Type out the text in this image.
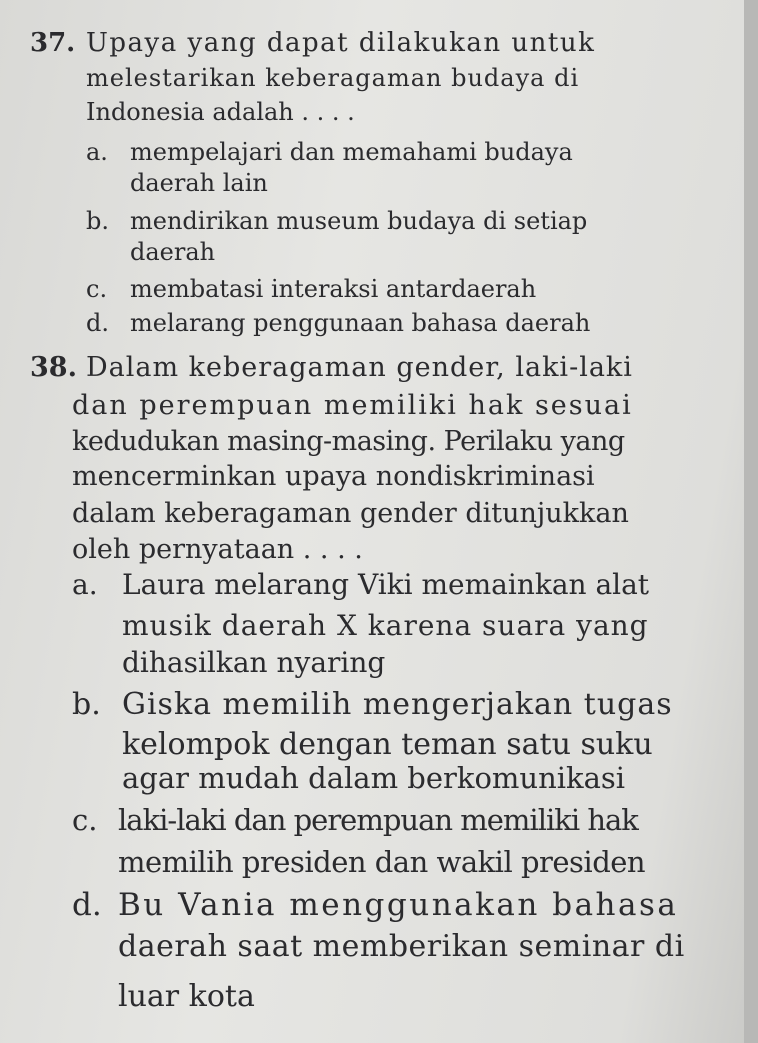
37. Upaya yang dapat dilakukan untuk
melestarikan keberagaman budaya di
Indonesia adalah . . . .
a. mempelajari dan memahami budaya
daerah lain
b. mendirikan museum budaya di setiap
daerah
c. membatasi interaksi antardaerah
d. melarang penggunaan bahasa daerah
38. Dalam keberagaman gender, laki-laki
dan perempuan memiliki hak sesuai
kedudukan masing-masing. Perilaku yang
mencerminkan upaya nondiskriminasi
dalam keberagaman gender ditunjukkan
oleh pernyataan . . . .
a. Laura melarang Viki memainkan alat
musik daerah X karena suara yang
dihasilkan nyaring
b. Giska memilih mengerjakan tugas
kelompok dengan teman satu suku
agar mudah dalam berkomunikasi
c. laki-laki dan perempuan memiliki hak
memilih presiden dan wakil presiden
d. Bu Vania menggunakan bahasa
daerah saat memberikan seminar di
luar kota
